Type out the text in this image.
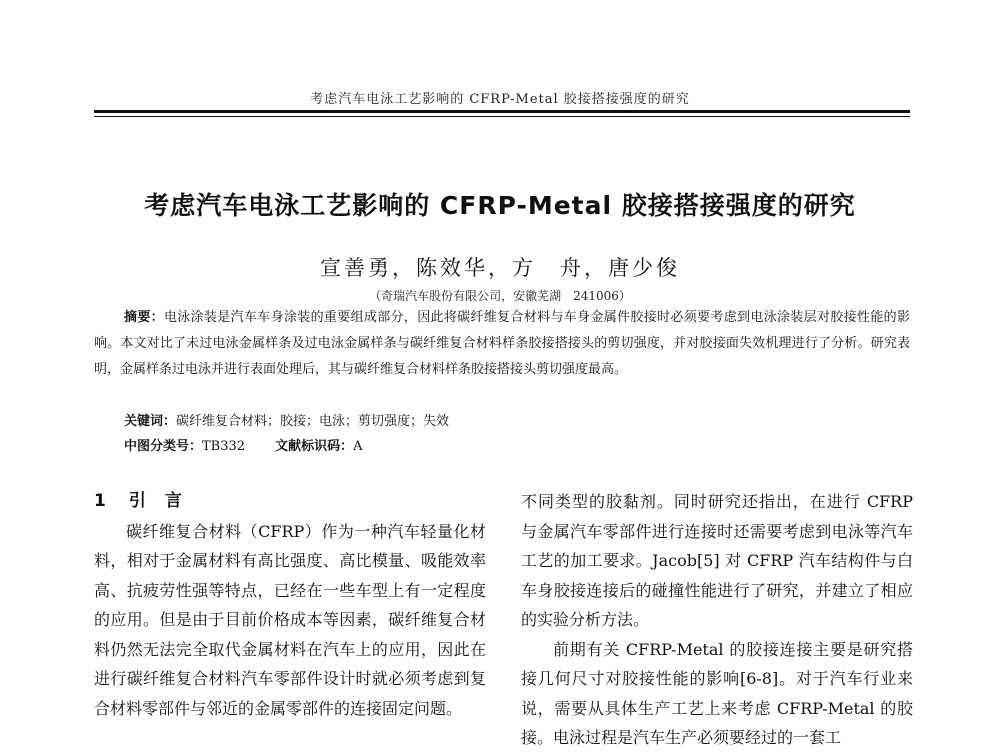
考虑汽车电泳工艺影响的 CFRP-Metal 胶接搭接强度的研究
考虑汽车电泳工艺影响的 CFRP-Metal 胶接搭接强度的研究
宣善勇，陈效华，方　舟，唐少俊
（奇瑞汽车股份有限公司，安徽芜湖　241006）
摘要：电泳涂装是汽车车身涂装的重要组成部分，因此将碳纤维复合材料与车身金属件胶接时必须要考虑到电泳涂装层对胶接性能的影响。本文对比了未过电泳金属样条及过电泳金属样条与碳纤维复合材料样条胶接搭接头的剪切强度，并对胶接面失效机理进行了分析。研究表明，金属样条过电泳并进行表面处理后，其与碳纤维复合材料样条胶接搭接头剪切强度最高。
关键词：碳纤维复合材料；胶接；电泳；剪切强度；失效
中图分类号：TB332 文献标识码：A
1 引　言

碳纤维复合材料（CFRP）作为一种汽车轻量化材料，相对于金属材料有高比强度、高比模量、吸能效率高、抗疲劳性强等特点，已经在一些车型上有一定程度的应用。但是由于目前价格成本等因素，碳纤维复合材料仍然无法完全取代金属材料在汽车上的应用，因此在进行碳纤维复合材料汽车零部件设计时就必须考虑到复合材料零部件与邻近的金属零部件的连接固定问题。

不同类型的胶黏剂。同时研究还指出，在进行 CFRP 与金属汽车零部件进行连接时还需要考虑到电泳等汽车工艺的加工要求。Jacob[5] 对 CFRP 汽车结构件与白车身胶接连接后的碰撞性能进行了研究，并建立了相应的实验分析方法。

前期有关 CFRP-Metal 的胶接连接主要是研究搭接几何尺寸对胶接性能的影响[6-8]。对于汽车行业来说，需要从具体生产工艺上来考虑 CFRP-Metal 的胶接。电泳过程是汽车生产必须要经过的一套工
